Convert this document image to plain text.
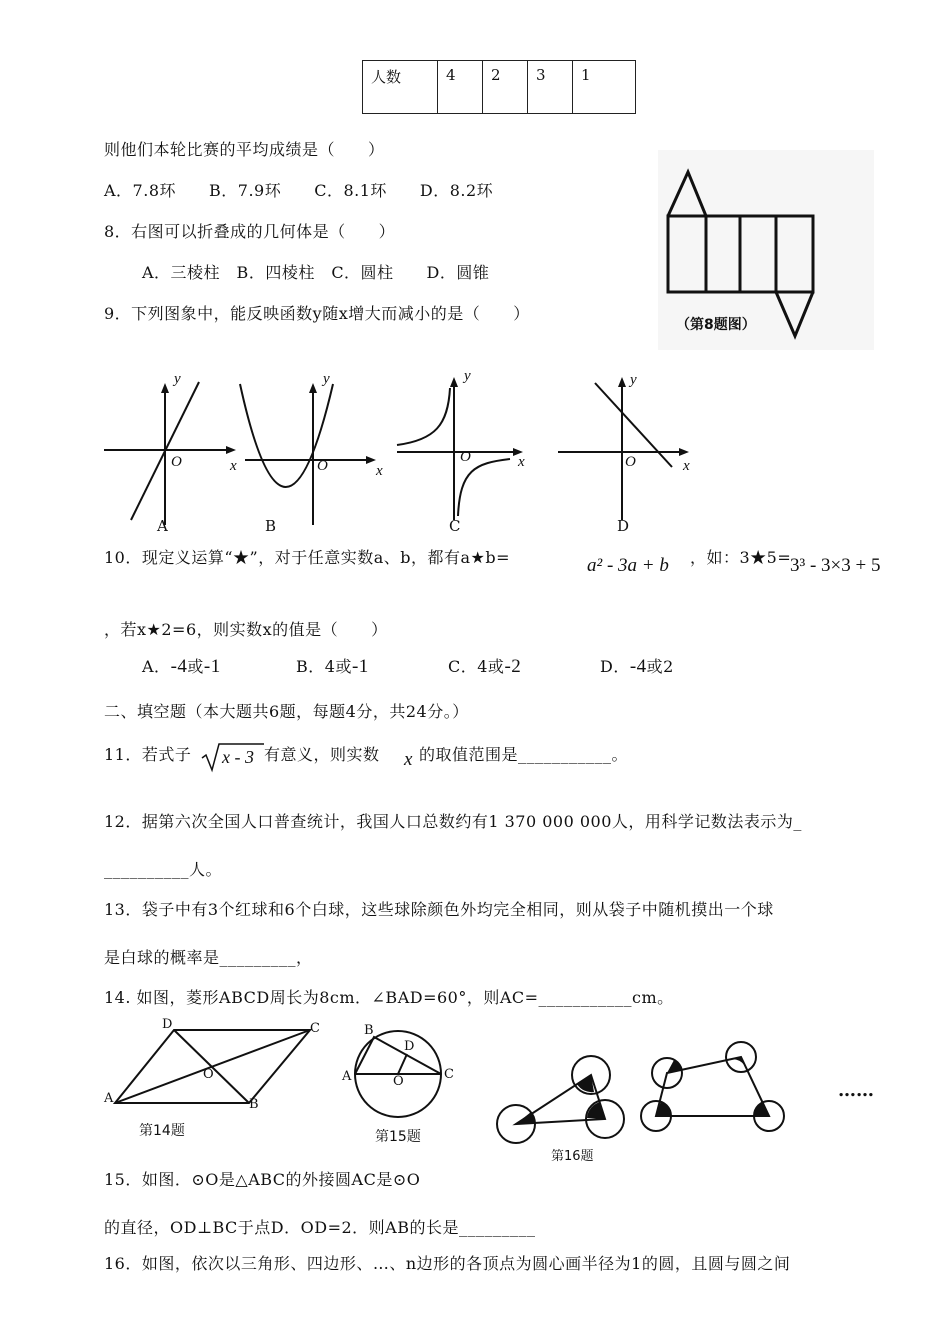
人数	4	2	3	1
则他们本轮比赛的平均成绩是（　　）
A．7.8环　　B．7.9环　　C．8.1环　　D．8.2环
8．右图可以折叠成的几何体是（　　）
A．三棱柱　B．四棱柱　C．圆柱　　D．圆锥
（第8题图）
9．下列图象中，能反映函数y随x增大而减小的是（　　）
y
O
A
x
y
O	x
B
y
O	x
C
y
O	x
D
10．现定义运算“★”，对于任意实数a、b，都有a★b=	a² - 3a + b ，如：3★5=
3³ - 3×3 + 5
，若x★2=6，则实数x的值是（　　）
A．-4或-1	B．4或-1	C．4或-2	D．-4或2
二、填空题（本大题共6题，每题4分，共24分。）
11．若式子 x - 3 有意义，则实数 x 的取值范围是___________。
12．据第六次全国人口普查统计，我国人口总数约有1 370 000 000人，用科学记数法表示为_
__________人。
13．袋子中有3个红球和6个白球，这些球除颜色外均完全相同，则从袋子中随机摸出一个球
是白球的概率是_________，
14. 如图，菱形ABCD周长为8cm．∠BAD=60°，则AC=___________cm。
D	C
O
A	B
第14题
B
D
A	O	C
第15题
第16题
……
15．如图．⊙O是△ABC的外接圆AC是⊙O
的直径，OD⊥BC于点D．OD=2．则AB的长是_________
16．如图，依次以三角形、四边形、…、n边形的各顶点为圆心画半径为1的圆，且圆与圆之间
